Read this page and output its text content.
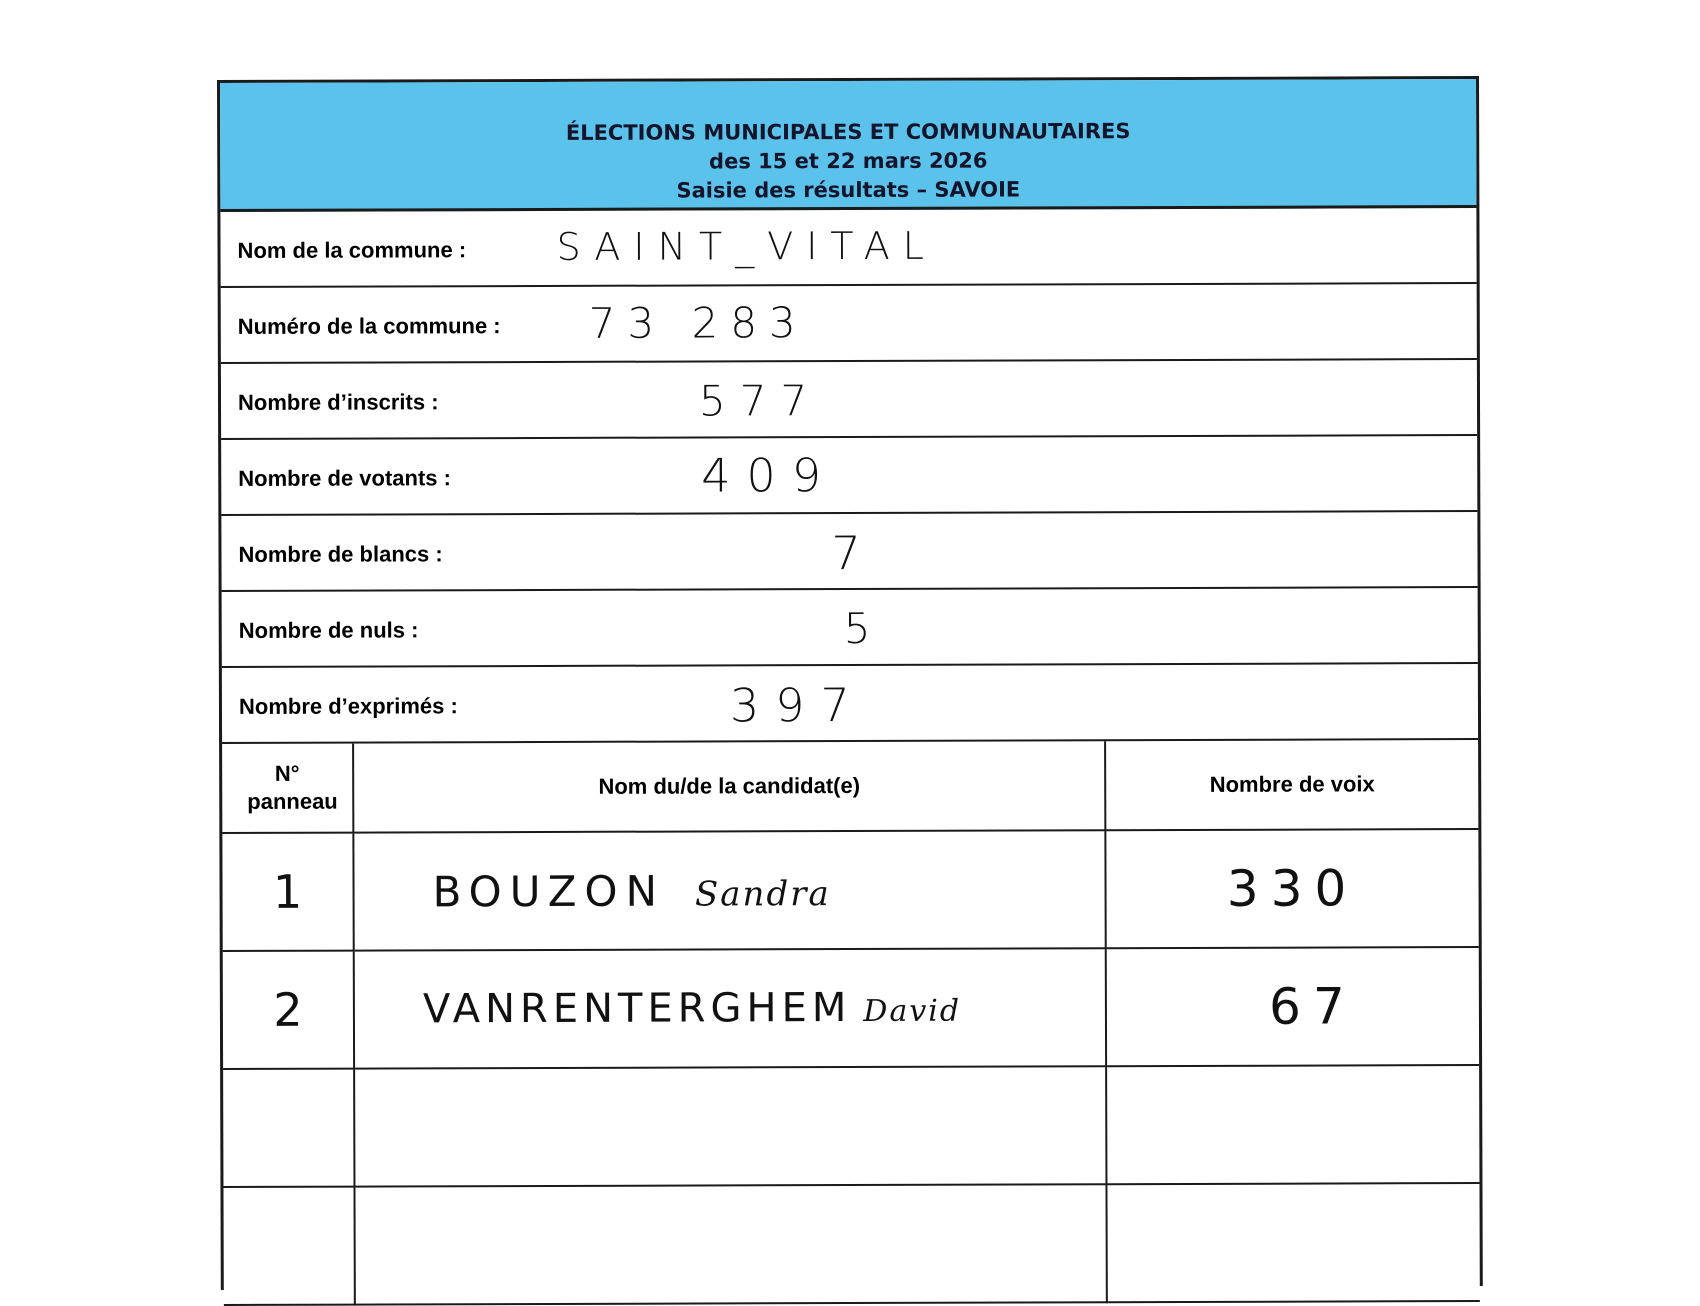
ÉLECTIONS MUNICIPALES ET COMMUNAUTAIRES
des 15 et 22 mars 2026
Saisie des résultats – SAVOIE
Nom de la commune : SAINT_VITAL
Numéro de la commune : 73 283
Nombre d’inscrits :	577
Nombre de votants :	409
Nombre de blancs :	7
Nombre de nuls :	5
Nombre d’exprimés :	397
N° panneau	Nom du/de la candidat(e)	Nombre de voix
1	BOUZON Sandra	330
2	VANRENTERGHEM David	67
